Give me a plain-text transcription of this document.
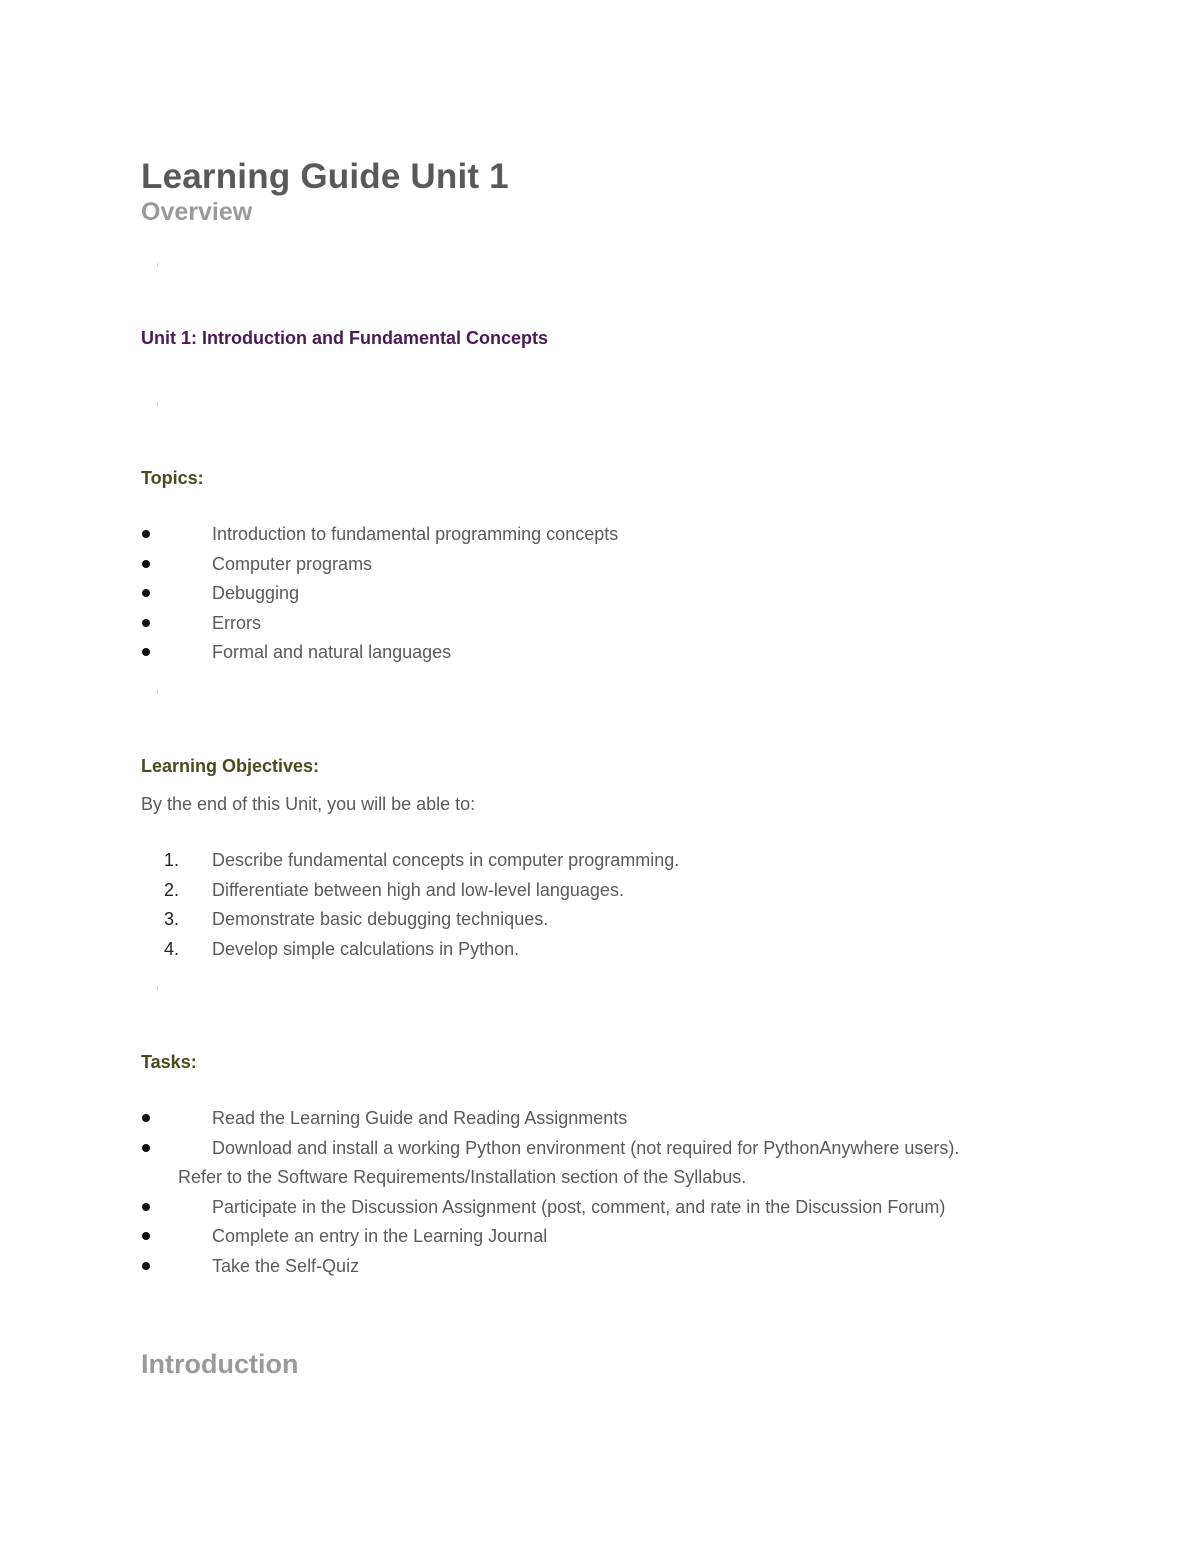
Learning Guide Unit 1
Overview
Unit 1: Introduction and Fundamental Concepts
Topics:
Introduction to fundamental programming concepts
Computer programs
Debugging
Errors
Formal and natural languages
Learning Objectives:

By the end of this Unit, you will be able to:

1. Describe fundamental concepts in computer programming.
2. Differentiate between high and low-level languages.
3. Demonstrate basic debugging techniques.
4. Develop simple calculations in Python.
Tasks:
Read the Learning Guide and Reading Assignments
Download and install a working Python environment (not required for PythonAnywhere users).
Refer to the Software Requirements/Installation section of the Syllabus.
Participate in the Discussion Assignment (post, comment, and rate in the Discussion Forum)
Complete an entry in the Learning Journal
Take the Self-Quiz
Introduction
